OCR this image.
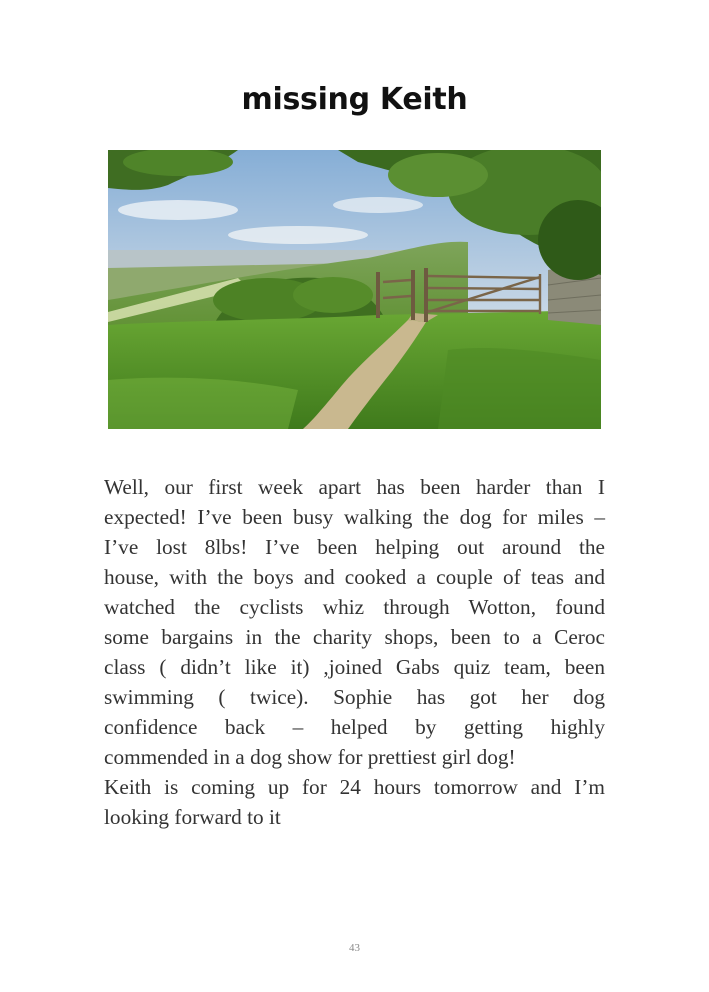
missing Keith
Well, our first week apart has been harder than I
expected! I’ve been busy walking the dog for miles –
I’ve lost 8lbs! I’ve been helping out around the
house, with the boys and cooked a couple of teas and
watched the cyclists whiz through Wotton, found
some bargains in the charity shops, been to a Ceroc
class ( didn’t like it) ,joined Gabs quiz team, been
swimming ( twice). Sophie has got her dog
confidence back – helped by getting highly
commended in a dog show for prettiest girl dog!
Keith is coming up for 24 hours tomorrow and I’m
looking forward to it
43
